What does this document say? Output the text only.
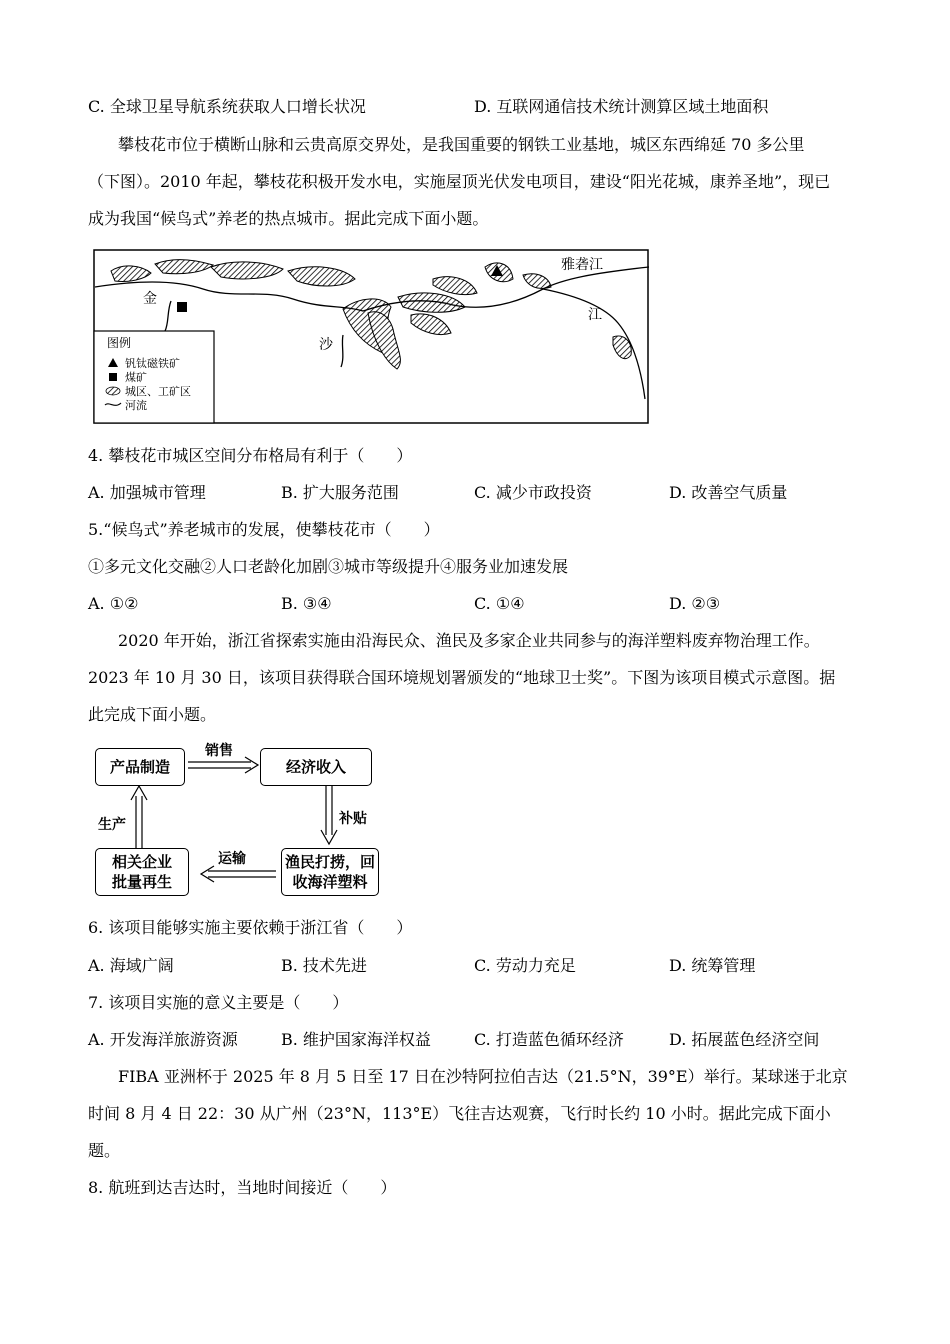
C. 全球卫星导航系统获取人口增长状况	D. 互联网通信技术统计测算区域土地面积
攀枝花市位于横断山脉和云贵高原交界处，是我国重要的钢铁工业基地，城区东西绵延 70 多公里
（下图）。2010 年起，攀枝花积极开发水电，实施屋顶光伏发电项目，建设“阳光花城，康养圣地”，现已
成为我国“候鸟式”养老的热点城市。据此完成下面小题。
金
沙
江
雅砻江
图例
钒钛磁铁矿
煤矿
城区、工矿区
河流
4. 攀枝花市城区空间分布格局有利于（　　）
A. 加强城市管理	B. 扩大服务范围	C. 减少市政投资	D. 改善空气质量
5.“候鸟式”养老城市的发展，使攀枝花市（　　）
①多元文化交融②人口老龄化加剧③城市等级提升④服务业加速发展
A. ①②	B. ③④	C. ①④	D. ②③
2020 年开始，浙江省探索实施由沿海民众、渔民及多家企业共同参与的海洋塑料废弃物治理工作。
2023 年 10 月 30 日，该项目获得联合国环境规划署颁发的“地球卫士奖”。下图为该项目模式示意图。据
此完成下面小题。
产品制造	经济收入
渔民打捞，回
收海洋塑料
相关企业
批量再生
销售
补贴
运输
生产
6. 该项目能够实施主要依赖于浙江省（　　）
A. 海域广阔	B. 技术先进	C. 劳动力充足	D. 统筹管理
7. 该项目实施的意义主要是（　　）
A. 开发海洋旅游资源	B. 维护国家海洋权益	C. 打造蓝色循环经济	D. 拓展蓝色经济空间
FIBA 亚洲杯于 2025 年 8 月 5 日至 17 日在沙特阿拉伯吉达（21.5°N，39°E）举行。某球迷于北京
时间 8 月 4 日 22：30 从广州（23°N，113°E）飞往吉达观赛，飞行时长约 10 小时。据此完成下面小
题。
8. 航班到达吉达时，当地时间接近（　　）
